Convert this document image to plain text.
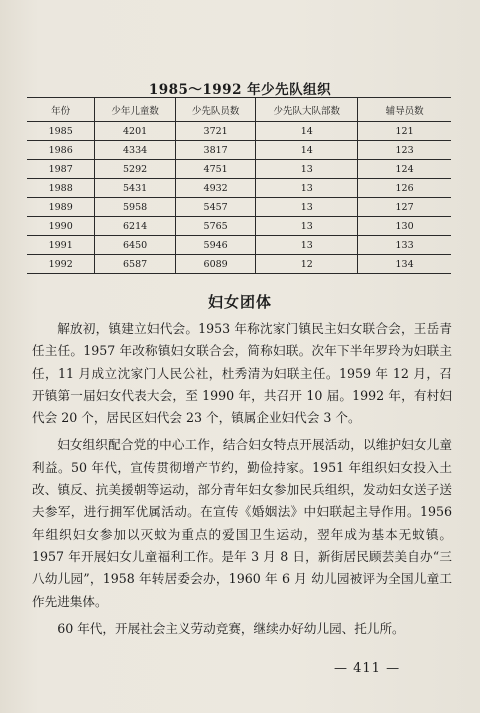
1985～1992 年少先队组织
年份	少年儿童数	少先队员数	少先队大队部数	辅导员数
1985	4201	3721	14	121
1986	4334	3817	14	123
1987	5292	4751	13	124
1988	5431	4932	13	126
1989	5958	5457	13	127
1990	6214	5765	13	130
1991	6450	5946	13	133
1992	6587	6089	12	134
妇女团体

解放初，镇建立妇代会。1953 年称沈家门镇民主妇女联合会，王岳青任主任。1957 年改称镇妇女联合会，简称妇联。次年下半年罗玲为妇联主任，11 月成立沈家门人民公社，杜秀清为妇联主任。1959 年 12 月，召开镇第一届妇女代表大会，至 1990 年，共召开 10 届。1992 年，有村妇代会 20 个，居民区妇代会 23 个，镇属企业妇代会 3 个。

妇女组织配合党的中心工作，结合妇女特点开展活动，以维护妇女儿童利益。50 年代，宣传贯彻增产节约，勤俭持家。1951 年组织妇女投入土改、镇反、抗美援朝等运动，部分青年妇女参加民兵组织，发动妇女送子送夫参军，进行拥军优属活动。在宣传《婚姻法》中妇联起主导作用。1956 年组织妇女参加以灭蚊为重点的爱国卫生运动，翌年成为基本无蚊镇。1957 年开展妇女儿童福利工作。是年 3 月 8 日，新街居民顾芸美自办“三八幼儿园”，1958 年转居委会办，1960 年 6 月 幼儿园被评为全国儿童工作先进集体。

60 年代，开展社会主义劳动竞赛，继续办好幼儿园、托儿所。

— 411 —
